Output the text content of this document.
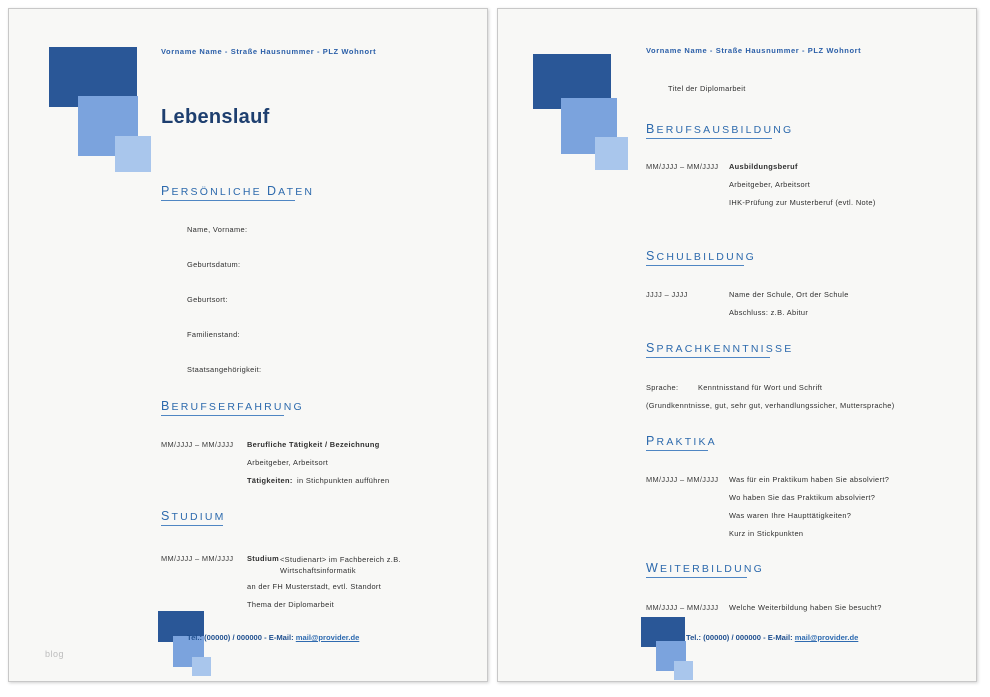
Vorname Name - Straße Hausnummer - PLZ Wohnort
Lebenslauf
PERSÖNLICHE DATEN
Name, Vorname:
Geburtsdatum:
Geburtsort:
Familienstand:
Staatsangehörigkeit:
BERUFSERFAHRUNG
MM/JJJJ – MM/JJJJ Berufliche Tätigkeit / Bezeichnung
Arbeitgeber, Arbeitsort
Tätigkeiten: in Stichpunkten aufführen
STUDIUM
MM/JJJJ – MM/JJJJ Studium <Studienart> im Fachbereich z.B. Wirtschaftsinformatik
an der FH Musterstadt, evtl. Standort
Thema der Diplomarbeit
Tel.: (00000) / 000000 - E-Mail: mail@provider.de
blog
Vorname Name - Straße Hausnummer - PLZ Wohnort
Titel der Diplomarbeit
BERUFSAUSBILDUNG
MM/JJJJ – MM/JJJJ Ausbildungsberuf
Arbeitgeber, Arbeitsort
IHK-Prüfung zur Musterberuf (evtl. Note)
SCHULBILDUNG
JJJJ – JJJJ	Name der Schule, Ort der Schule
Abschluss: z.B. Abitur
SPRACHKENNTNISSE
Sprache:	Kenntnisstand für Wort und Schrift
(Grundkenntnisse, gut, sehr gut, verhandlungssicher, Muttersprache)
PRAKTIKA
MM/JJJJ – MM/JJJJ Was für ein Praktikum haben Sie absolviert?
Wo haben Sie das Praktikum absolviert?
Was waren Ihre Haupttätigkeiten?
Kurz in Stickpunkten
WEITERBILDUNG
MM/JJJJ – MM/JJJJ Welche Weiterbildung haben Sie besucht?
Tel.: (00000) / 000000 - E-Mail: mail@provider.de
